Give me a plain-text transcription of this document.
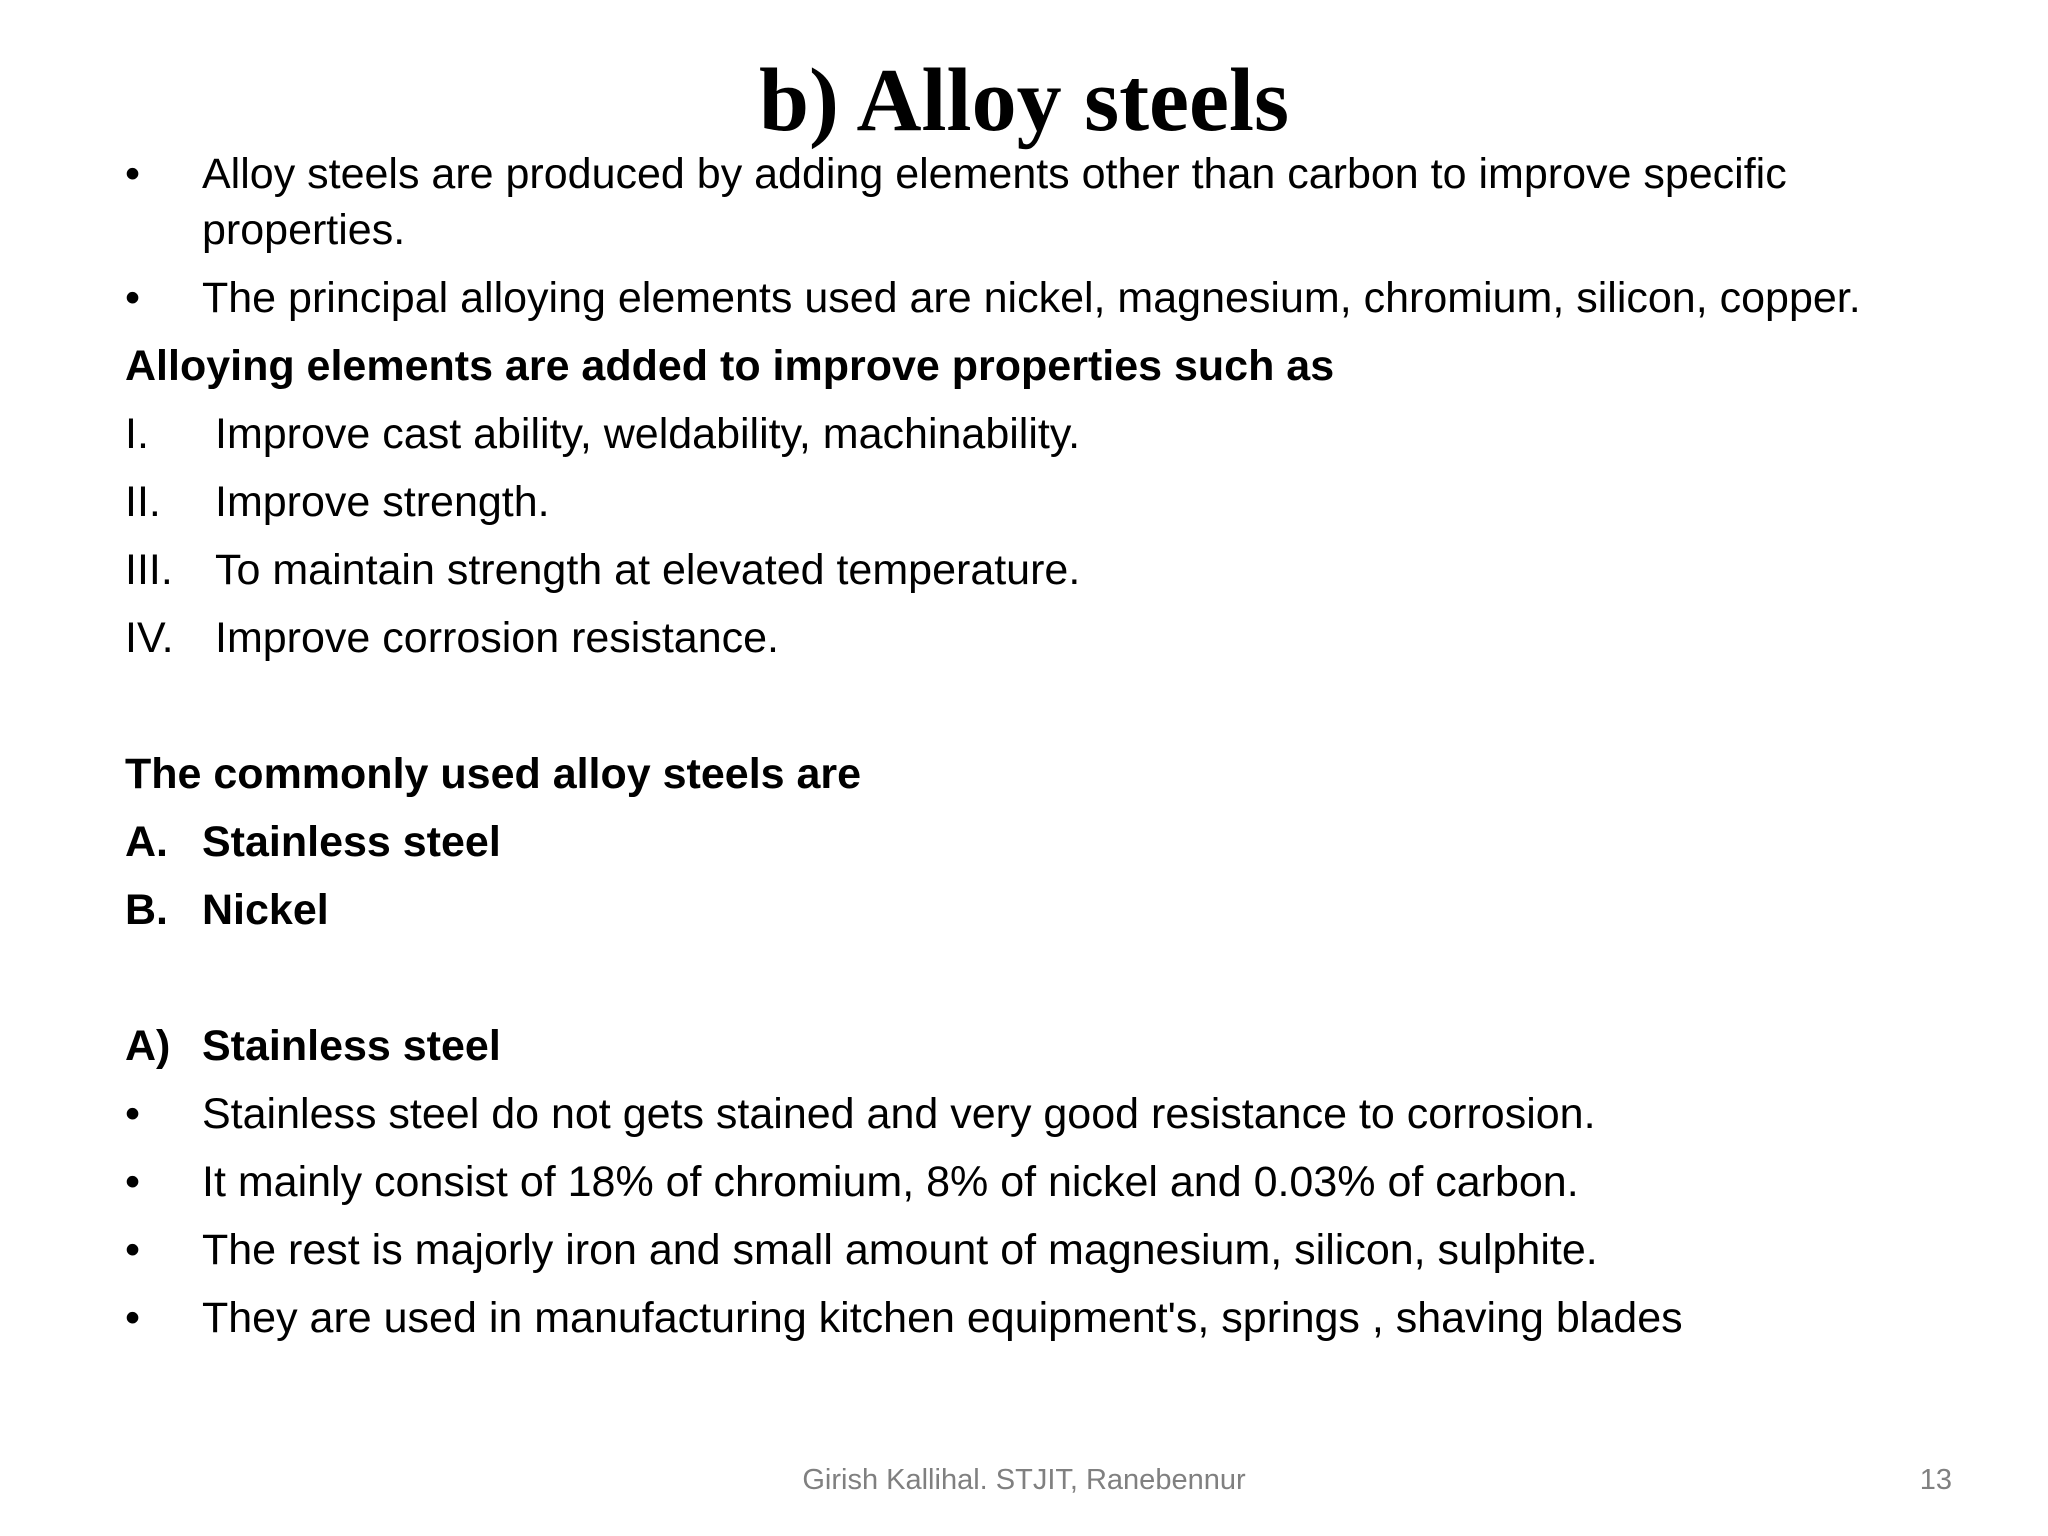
b) Alloy steels
•	Alloy steels are produced by adding elements other than carbon to improve specific properties.
•	The principal alloying elements used are nickel, magnesium, chromium, silicon, copper.
Alloying elements are added to improve properties such as
I.	Improve cast ability, weldability, machinability.
II.	Improve strength.
III. To maintain strength at elevated temperature.
IV. Improve corrosion resistance.
The commonly used alloy steels are
A. Stainless steel
B. Nickel
A) Stainless steel
•	Stainless steel do not gets stained and very good resistance to corrosion.
•	It mainly consist of 18% of chromium, 8% of nickel and 0.03% of carbon.
•	The rest is majorly iron and small amount of magnesium, silicon, sulphite.
•	They are used in manufacturing kitchen equipment's, springs , shaving blades
Girish Kallihal. STJIT, Ranebennur	13
